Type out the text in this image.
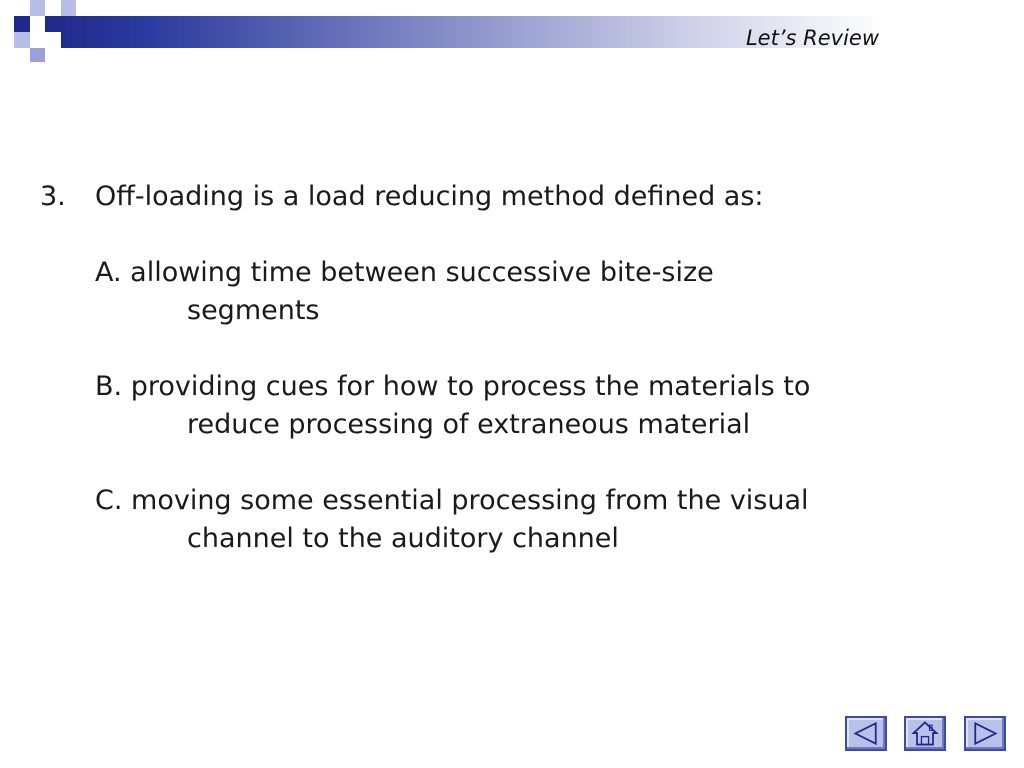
Let’s Review
3.	Off-loading is a load reducing method defined as:
A. allowing time between successive bite-size
segments
B. providing cues for how to process the materials to
reduce processing of extraneous material
C. moving some essential processing from the visual
channel to the auditory channel
